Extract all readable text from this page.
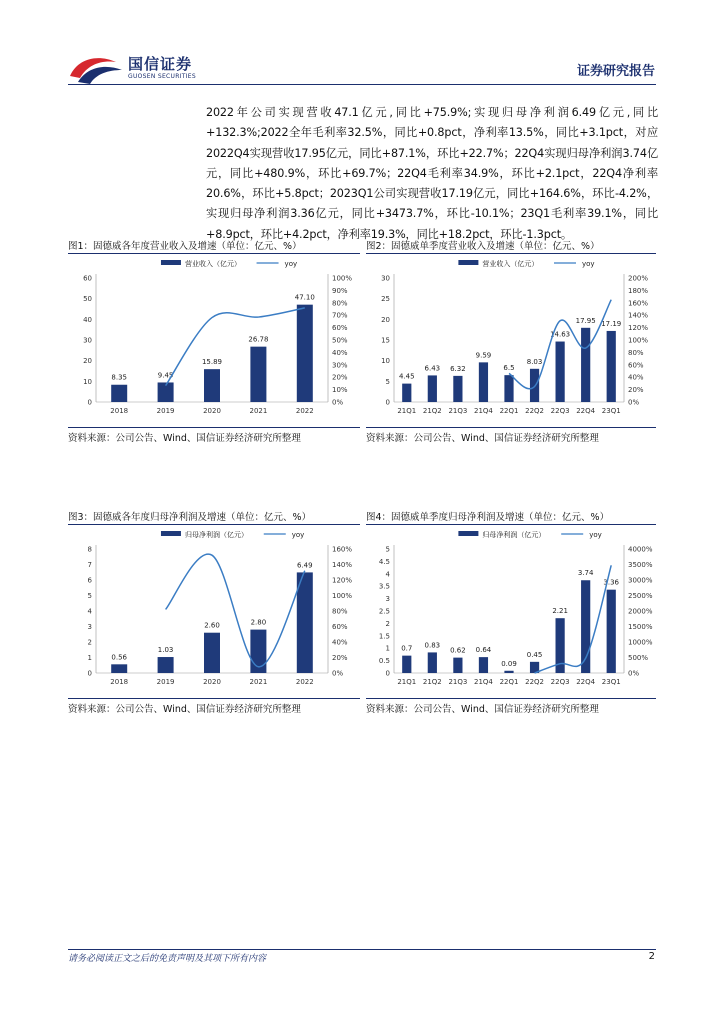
国信证券
GUOSEN SECURITIES	证券研究报告
2022年公司实现营收47.1亿元,同比+75.9%;实现归母净利润6.49亿元,同比+132.3%;2022全年毛利率32.5%，同比+0.8pct，净利率13.5%，同比+3.1pct，对应2022Q4实现营收17.95亿元，同比+87.1%，环比+22.7%；22Q4实现归母净利润3.74亿元，同比+480.9%，环比+69.7%；22Q4毛利率34.9%，环比+2.1pct，22Q4净利率20.6%，环比+5.8pct；2023Q1公司实现营收17.19亿元，同比+164.6%，环比-4.2%，实现归母净利润3.36亿元，同比+3473.7%，环比-10.1%；23Q1毛利率39.1%，同比+8.9pct，环比+4.2pct，净利率19.3%，同比+18.2pct，环比-1.3pct。
图1：固德威各年度营业收入及增速（单位：亿元、%）
营业收入（亿元）	yoy
0
10
20
30
40
50
60
0%
10%
20%
30%
40%
50%
60%
70%
80%
90%
100%
8.35
2018
9.45
2019
15.89
2020
26.78
2021
47.10
2022
资料来源：公司公告、Wind、国信证券经济研究所整理
图2：固德威单季度营业收入及增速（单位：亿元、%）
营业收入（亿元）	yoy
0
5
10
15
20
25
30
0%
20%
40%
60%
80%
100%
120%
140%
160%
180%
200%
4.45
21Q1
6.43
21Q2
6.32
21Q3
9.59
21Q4
6.5
22Q1
8.03
22Q2
14.63
22Q3
17.95
22Q4
17.19
23Q1
资料来源：公司公告、Wind、国信证券经济研究所整理
图3：固德威各年度归母净利润及增速（单位：亿元、%）
归母净利润（亿元）	yoy
0
1
2
3
4
5
6
7
8
0%
20%
40%
60%
80%
100%
120%
140%
160%
0.56
2018
1.03
2019
2.60
2020
2.80
2021
6.49
2022
资料来源：公司公告、Wind、国信证券经济研究所整理
图4：固德威单季度归母净利润及增速（单位：亿元、%）
归母净利润（亿元）	yoy
0
0.5
1
1.5
2
2.5
3
3.5
4
4.5
5
0%
500%
1000%
1500%
2000%
2500%
3000%
3500%
4000%
0.7
21Q1
0.83
21Q2
0.62
21Q3
0.64
21Q4
0.09
22Q1
0.45
22Q2
2.21
22Q3
3.74
22Q4
3.36
23Q1
资料来源：公司公告、Wind、国信证券经济研究所整理
请务必阅读正文之后的免责声明及其项下所有内容	2
